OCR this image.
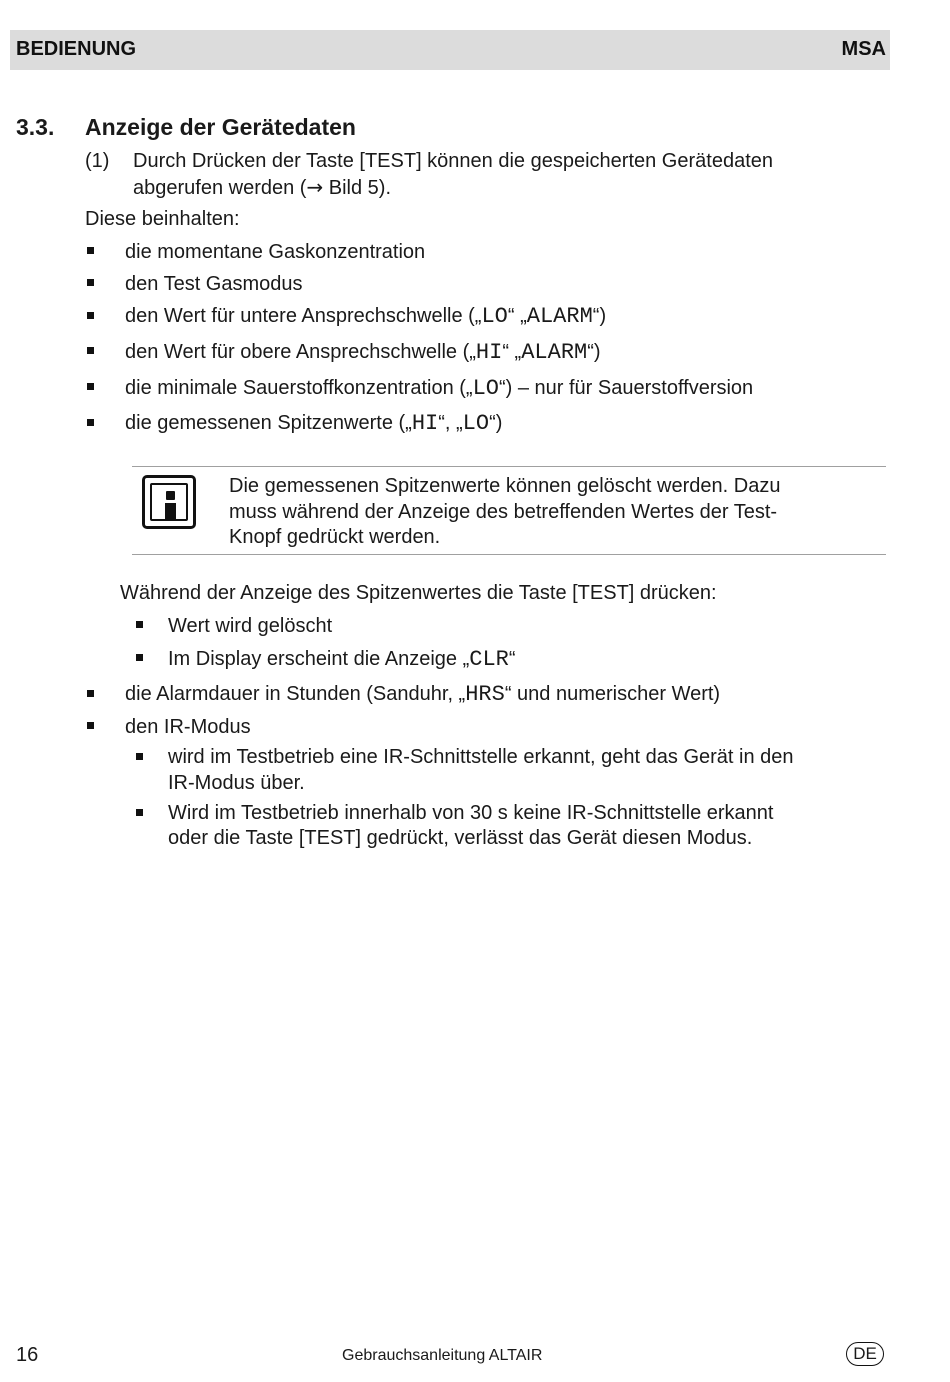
BEDIENUNG	MSA
3.3. Anzeige der Gerätedaten
(1) Durch Drücken der Taste [TEST] können die gespeicherten Gerätedaten
abgerufen werden (→ Bild 5).
Diese beinhalten:
die momentane Gaskonzentration
den Test Gasmodus
den Wert für untere Ansprechschwelle („LO“ „ALARM“)
den Wert für obere Ansprechschwelle („HI“ „ALARM“)
die minimale Sauerstoffkonzentration („LO“) – nur für Sauerstoffversion
die gemessenen Spitzenwerte („HI“, „LO“)
Die gemessenen Spitzenwerte können gelöscht werden. Dazu
muss während der Anzeige des betreffenden Wertes der Test-
Knopf gedrückt werden.
Während der Anzeige des Spitzenwertes die Taste [TEST] drücken:
Wert wird gelöscht
Im Display erscheint die Anzeige „CLR“
die Alarmdauer in Stunden (Sanduhr, „HRS“ und numerischer Wert)
den IR-Modus
wird im Testbetrieb eine IR-Schnittstelle erkannt, geht das Gerät in den
IR-Modus über.
Wird im Testbetrieb innerhalb von 30 s keine IR-Schnittstelle erkannt
oder die Taste [TEST] gedrückt, verlässt das Gerät diesen Modus.
16	Gebrauchsanleitung ALTAIR	DE
